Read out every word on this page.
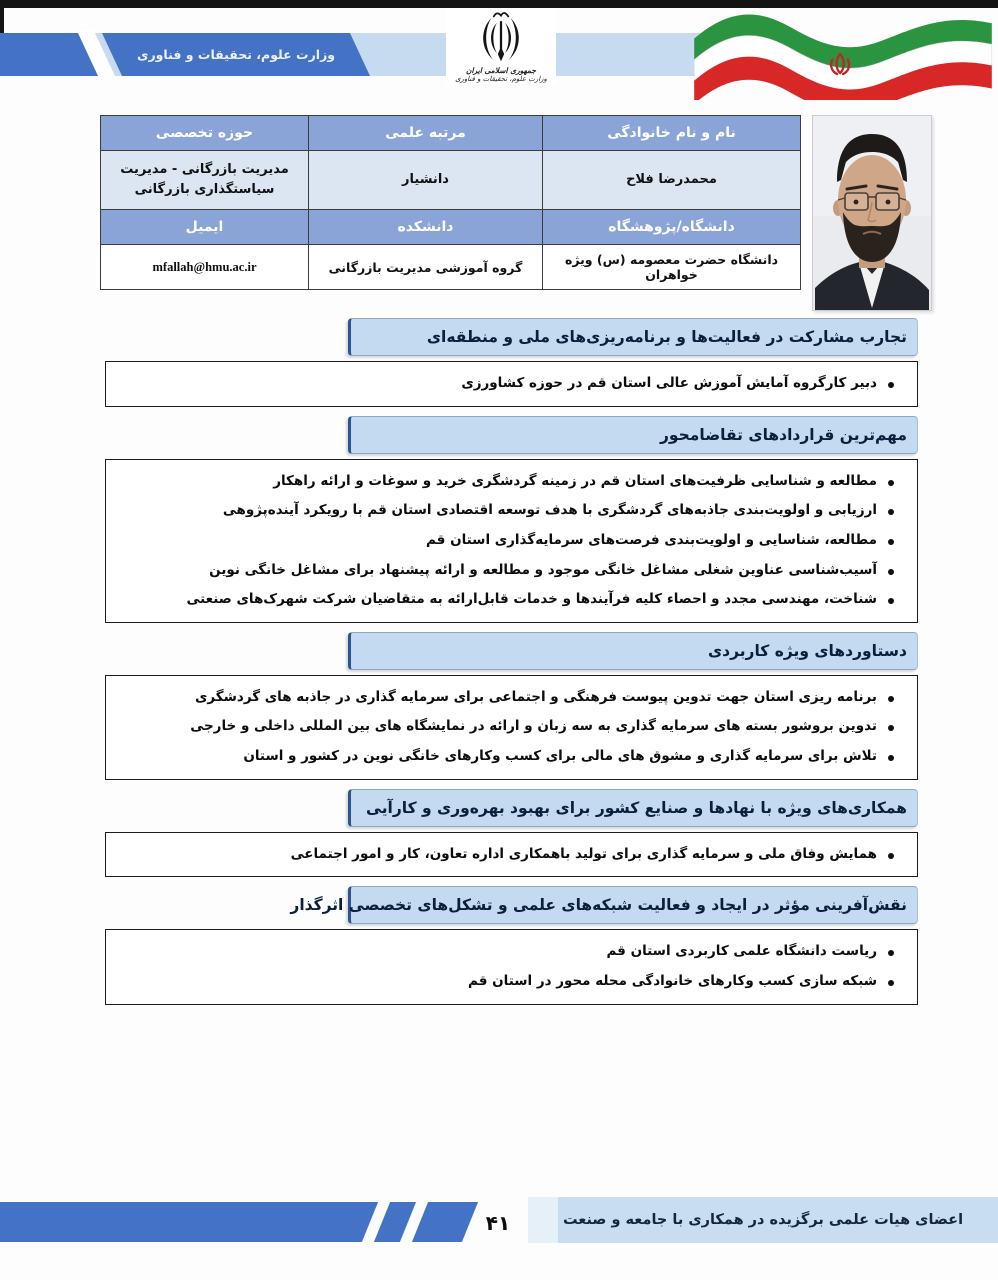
وزارت علوم، تحقیقات و فناوری
جمهوری اسلامی ایران
وزارت علوم، تحقیقات و فناوری
نام و نام خانوادگی	مرتبه علمی	حوزه تخصصی
محمدرضا فلاح	دانشیار	مدیریت بازرگانی - مدیریت سیاستگذاری بازرگانی
دانشگاه/پژوهشگاه	دانشکده	ایمیل
دانشگاه حضرت معصومه (س) ویژه خواهران	گروه آموزشی مدیریت بازرگانی	mfallah@hmu.ac.ir
تجارب مشارکت در فعالیت‌ها و برنامه‌ریزی‌های ملی و منطقه‌ای
دبیر کارگروه آمایش آموزش عالی استان قم در حوزه کشاورزی
مهم‌ترین قراردادهای تقاضامحور
مطالعه و شناسایی ظرفیت‌های استان قم در زمینه گردشگری خرید و سوغات و ارائه راهکار
ارزیابی و اولویت‌بندی جاذبه‌های گردشگری با هدف توسعه اقتصادی استان قم با رویکرد آینده‌پژوهی
مطالعه، شناسایی و اولویت‌بندی فرصت‌های سرمایه‌گذاری استان قم
آسیب‌شناسی عناوین شغلی مشاغل خانگی موجود و مطالعه و ارائه پیشنهاد برای مشاغل خانگی نوین
شناخت، مهندسی مجدد و احصاء کلیه فرآیندها و خدمات قابل‌ارائه به متقاضیان شرکت شهرک‌های صنعتی
دستاوردهای ویژه کاربردی
برنامه ریزی استان جهت تدوین پیوست فرهنگی و اجتماعی برای سرمایه گذاری در جاذبه های گردشگری
تدوین بروشور بسته های سرمایه گذاری به سه زبان و ارائه در نمایشگاه های بین المللی داخلی و خارجی
تلاش برای سرمایه گذاری و مشوق های مالی برای کسب وکارهای خانگی نوین در کشور و استان
همکاری‌های ویژه با نهادها و صنایع کشور برای بهبود بهره‌وری و کارآیی
همایش وفاق ملی و سرمایه گذاری برای تولید باهمکاری اداره تعاون، کار و امور اجتماعی
نقش‌آفرینی مؤثر در ایجاد و فعالیت شبکه‌های علمی و تشکل‌های تخصصی اثرگذار
ریاست دانشگاه علمی کاربردی استان قم
شبکه سازی کسب وکارهای خانوادگی محله محور در استان قم
۴۱	اعضای هیات علمی برگزیده در همکاری با جامعه و صنعت
